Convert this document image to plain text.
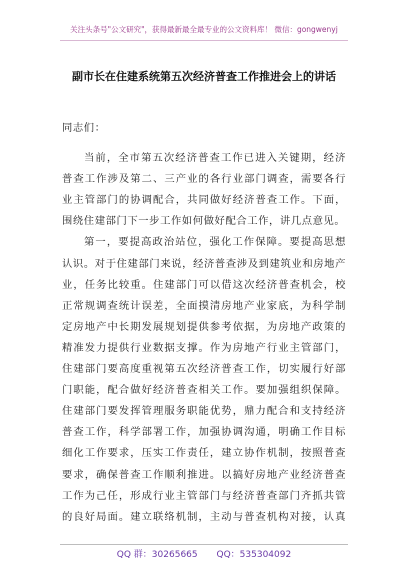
关注头条号"公文研究"，获得最新最全最专业的公文资料库！ 微信：gongwenyj
副市长在住建系统第五次经济普查工作推进会上的讲话

同志们：

当前，全市第五次经济普查工作已进入关键期，经济
普查工作涉及第二、三产业的各行业部门调查，需要各行
业主管部门的协调配合，共同做好经济普查工作。下面，
围绕住建部门下一步工作如何做好配合工作，讲几点意见。

第一，要提高政治站位，强化工作保障。要提高思想
认识。对于住建部门来说，经济普查涉及到建筑业和房地产
业，任务比较重。住建部门可以借这次经济普查机会，校
正常规调查统计误差，全面摸清房地产业家底，为科学制
定房地产中长期发展规划提供参考依据，为房地产政策的
精准发力提供行业数据支撑。作为房地产行业主管部门，
住建部门要高度重视第五次经济普查工作，切实履行好部
门职能，配合做好经济普查相关工作。要加强组织保障。
住建部门要发挥管理服务职能优势，鼎力配合和支持经济
普查工作，科学部署工作，加强协调沟通，明确工作目标
细化工作要求，压实工作责任，建立协作机制，按照普查
要求，确保普查工作顺利推进。以搞好房地产业经济普查
工作为己任，形成行业主管部门与经济普查部门齐抓共管
的良好局面。建立联络机制，主动与普查机构对接，认真

QQ 群：30265665 QQ：535304092
